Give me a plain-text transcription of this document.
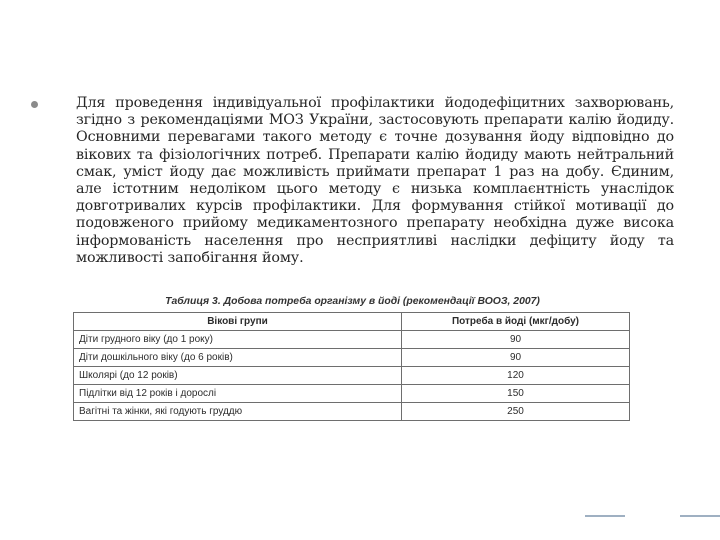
Для проведення індивідуальної профілактики йододефіцитних захворювань, згідно з рекомендаціями МОЗ України, застосовують препарати калію йодиду. Основними перевагами такого методу є точне дозування йоду відповідно до вікових та фізіологічних потреб. Препарати калію йодиду мають нейтральний смак, уміст йоду дає можливість приймати препарат 1 раз на добу. Єдиним, але істотним недоліком цього методу є низька комплаєнтність унаслідок довготривалих курсів профілактики. Для формування стійкої мотивації до подовженого прийому медикаментозного препарату необхідна дуже висока інформованість населення про несприятливі наслідки дефіциту йоду та можливості запобігання йому.

Таблиця 3. Добова потреба організму в йоді (рекомендації ВООЗ, 2007)
Вікові групи	Потреба в йоді (мкг/добу)
Діти грудного віку (до 1 року)	90
Діти дошкільного віку (до 6 років)	90
Школярі (до 12 років)	120
Підлітки від 12 років і дорослі	150
Вагітні та жінки, які годують груддю	250
